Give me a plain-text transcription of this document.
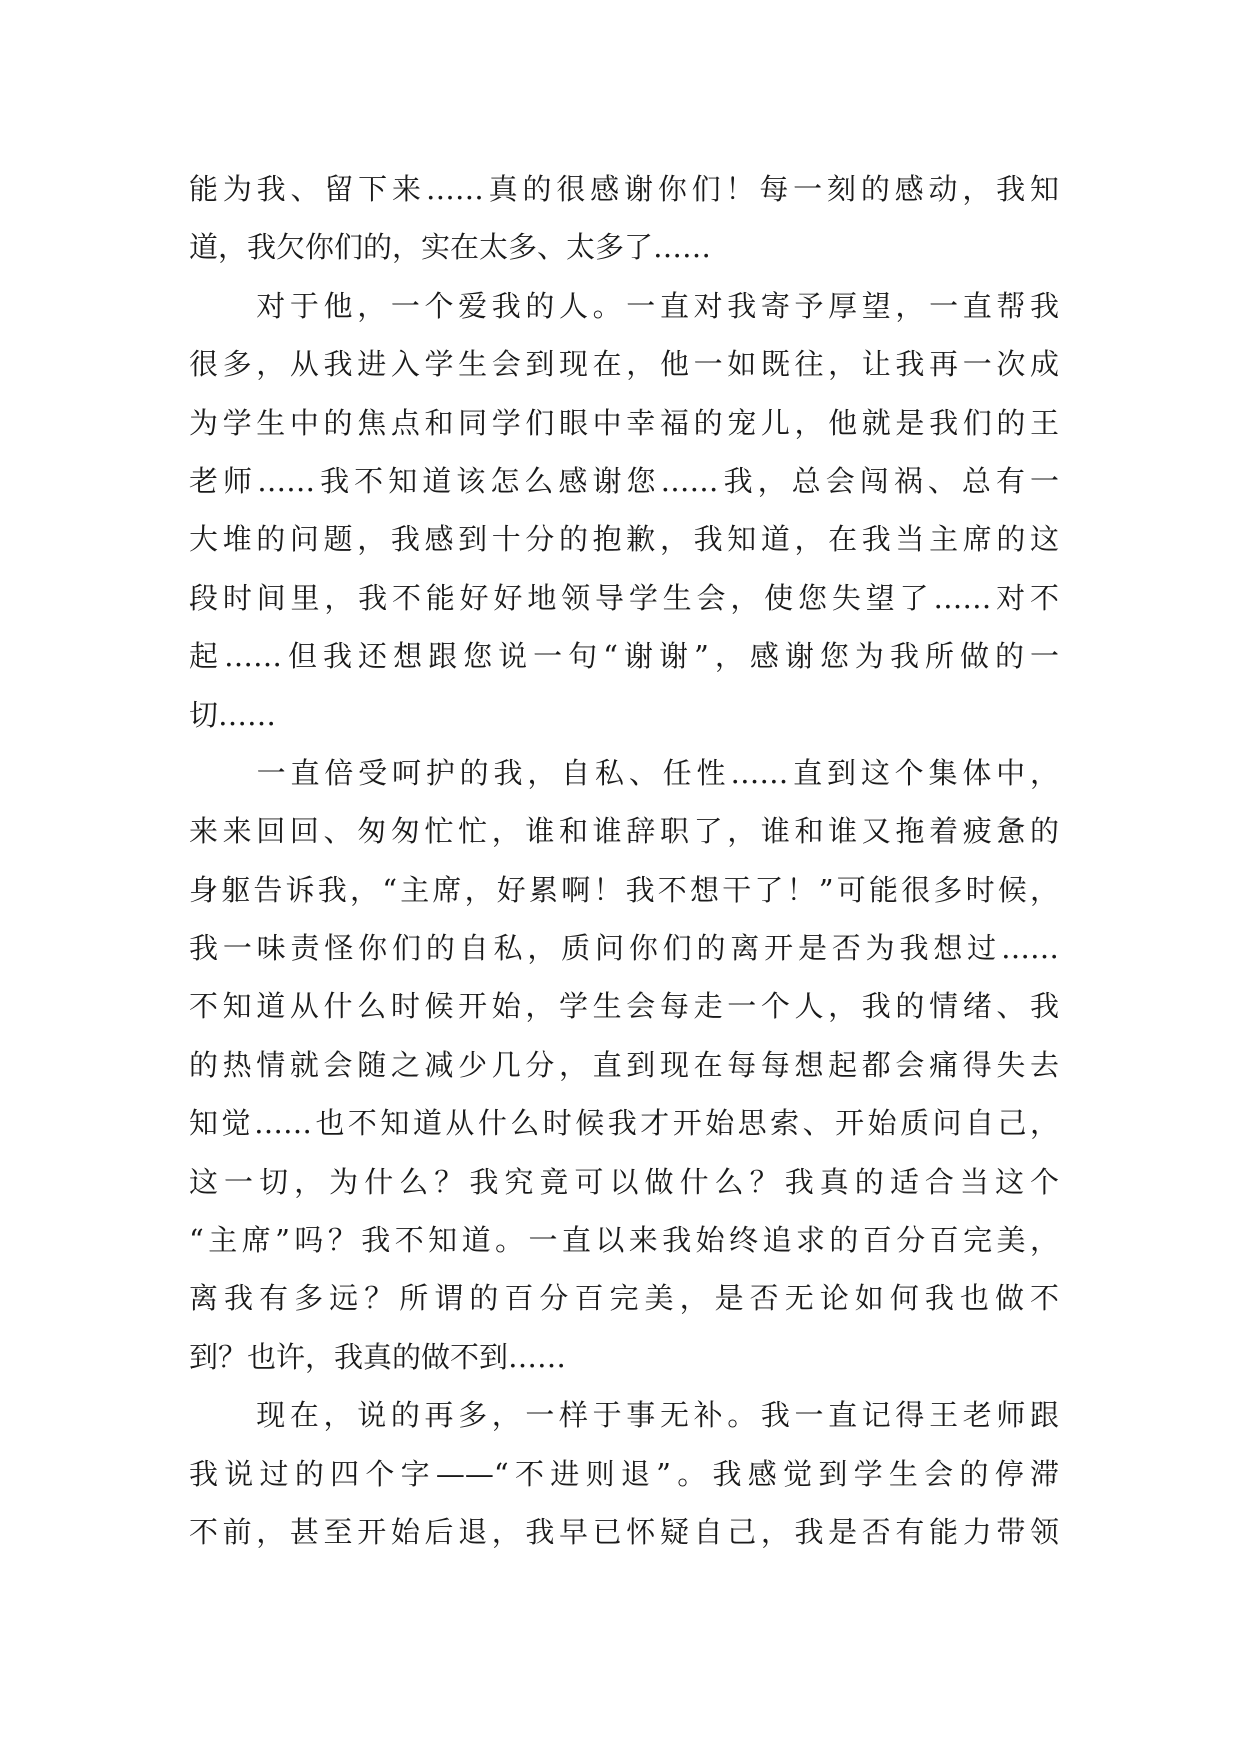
能为我、留下来……真的很感谢你们！每一刻的感动，我知
道，我欠你们的，实在太多、太多了……
　　对于他，一个爱我的人。一直对我寄予厚望，一直帮我
很多，从我进入学生会到现在，他一如既往，让我再一次成
为学生中的焦点和同学们眼中幸福的宠儿，他就是我们的王
老师……我不知道该怎么感谢您……我，总会闯祸、总有一
大堆的问题，我感到十分的抱歉，我知道，在我当主席的这
段时间里，我不能好好地领导学生会，使您失望了……对不
起……但我还想跟您说一句“谢谢”，感谢您为我所做的一
切……
　　一直倍受呵护的我，自私、任性……直到这个集体中，
来来回回、匆匆忙忙，谁和谁辞职了，谁和谁又拖着疲惫的
身躯告诉我，“主席，好累啊！我不想干了！”可能很多时候，
我一味责怪你们的自私，质问你们的离开是否为我想过……
不知道从什么时候开始，学生会每走一个人，我的情绪、我
的热情就会随之减少几分，直到现在每每想起都会痛得失去
知觉……也不知道从什么时候我才开始思索、开始质问自己，
这一切，为什么？我究竟可以做什么？我真的适合当这个
“主席”吗？我不知道。一直以来我始终追求的百分百完美，
离我有多远？所谓的百分百完美，是否无论如何我也做不
到？也许，我真的做不到……
　　现在，说的再多，一样于事无补。我一直记得王老师跟
我说过的四个字——“不进则退”。我感觉到学生会的停滞
不前，甚至开始后退，我早已怀疑自己，我是否有能力带领
